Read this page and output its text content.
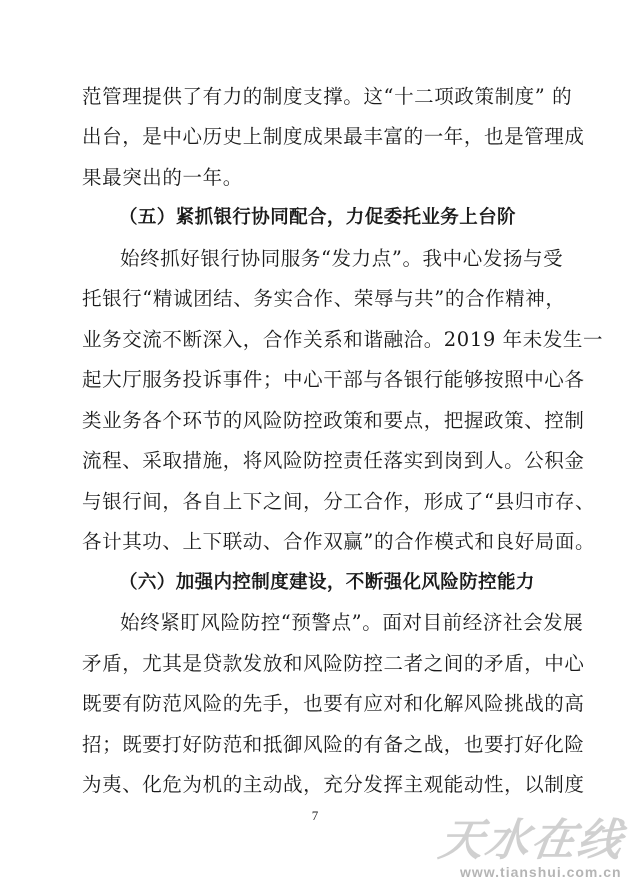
范管理提供了有力的制度支撑。这“十二项政策制度” 的
出台，是中心历史上制度成果最丰富的一年，也是管理成
果最突出的一年。
（五）紧抓银行协同配合，力促委托业务上台阶
始终抓好银行协同服务“发力点”。我中心发扬与受
托银行“精诚团结、务实合作、荣辱与共”的合作精神，
业务交流不断深入，合作关系和谐融洽。2019 年未发生一
起大厅服务投诉事件；中心干部与各银行能够按照中心各
类业务各个环节的风险防控政策和要点，把握政策、控制
流程、采取措施，将风险防控责任落实到岗到人。公积金
与银行间，各自上下之间，分工合作，形成了“县归市存、
各计其功、上下联动、合作双赢”的合作模式和良好局面。
（六）加强内控制度建设，不断强化风险防控能力
始终紧盯风险防控“预警点”。面对目前经济社会发展
矛盾，尤其是贷款发放和风险防控二者之间的矛盾，中心
既要有防范风险的先手，也要有应对和化解风险挑战的高
招；既要打好防范和抵御风险的有备之战，也要打好化险
为夷、化危为机的主动战，充分发挥主观能动性，以制度
7	天水在线
www.tianshui.com.cn
